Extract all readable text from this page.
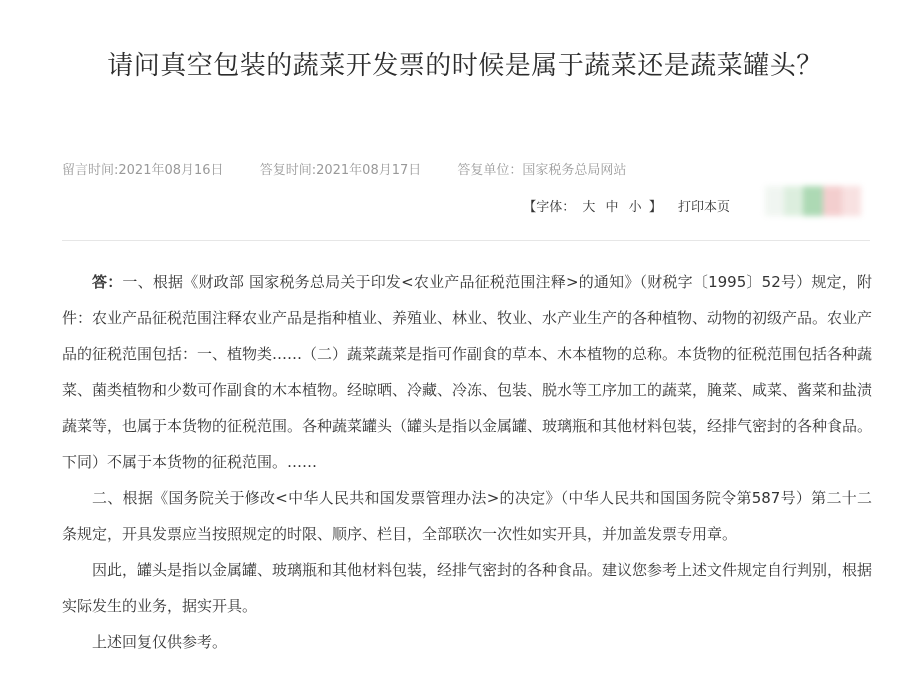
请问真空包装的蔬菜开发票的时候是属于蔬菜还是蔬菜罐头？
留言时间:2021年08月16日	答复时间:2021年08月17日	答复单位：国家税务总局网站
【字体： 大 中 小 】 打印本页

答：一、根据《财政部 国家税务总局关于印发<农业产品征税范围注释>的通知》（财税字〔1995〕52号）规定，附件：农业产品征税范围注释农业产品是指种植业、养殖业、林业、牧业、水产业生产的各种植物、动物的初级产品。农业产品的征税范围包括：一、植物类……（二）蔬菜蔬菜是指可作副食的草本、木本植物的总称。本货物的征税范围包括各种蔬菜、菌类植物和少数可作副食的木本植物。经晾晒、冷藏、冷冻、包装、脱水等工序加工的蔬菜，腌菜、咸菜、酱菜和盐渍蔬菜等，也属于本货物的征税范围。各种蔬菜罐头（罐头是指以金属罐、玻璃瓶和其他材料包装，经排气密封的各种食品。下同）不属于本货物的征税范围。……

二、根据《国务院关于修改<中华人民共和国发票管理办法>的决定》（中华人民共和国国务院令第587号）第二十二条规定，开具发票应当按照规定的时限、顺序、栏目，全部联次一次性如实开具，并加盖发票专用章。

因此，罐头是指以金属罐、玻璃瓶和其他材料包装，经排气密封的各种食品。建议您参考上述文件规定自行判别，根据实际发生的业务，据实开具。

上述回复仅供参考。
